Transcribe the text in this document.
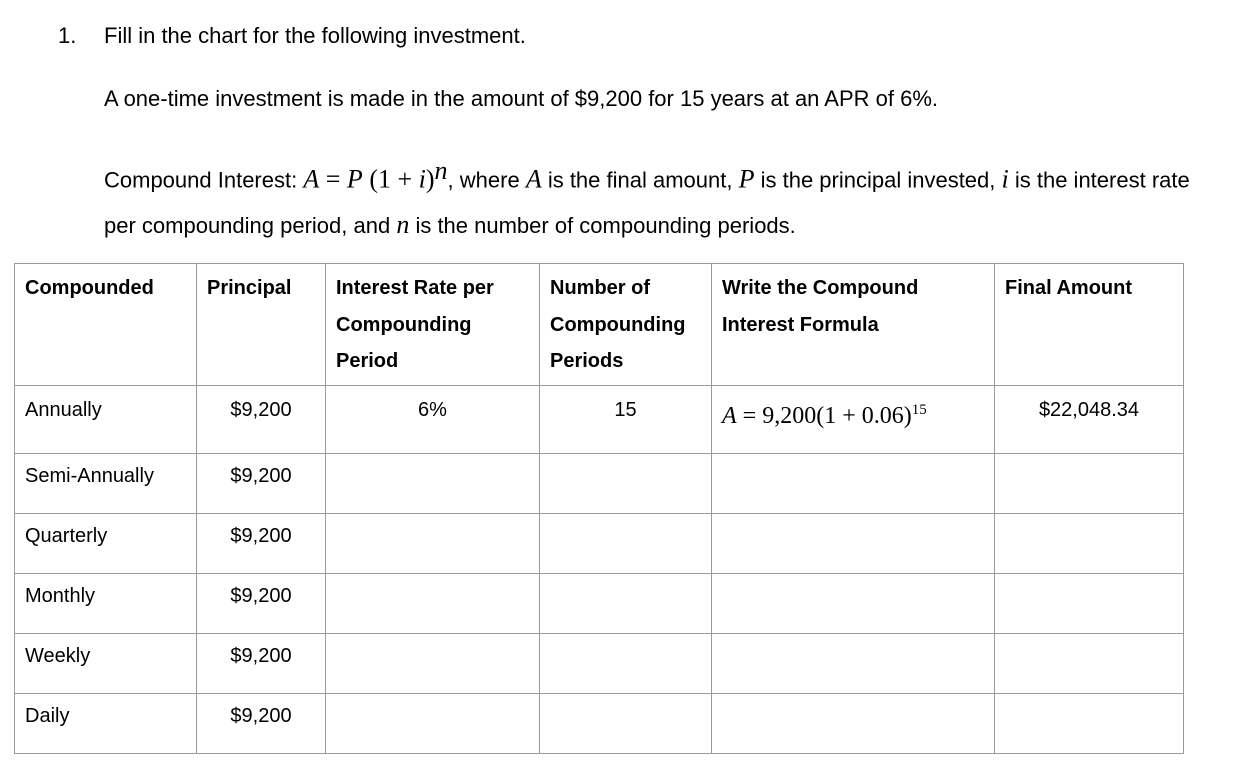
1. Fill in the chart for the following investment.
A one-time investment is made in the amount of $9,200 for 15 years at an APR of 6%.
Compound Interest: A = P $(1 + i)^n$, where A is the final amount, P is the principal invested, i is the interest rate per compounding period, and n is the number of compounding periods.
Compounded	Principal	Interest Rate per Compounding Period	Number of Compounding Periods	Write the Compound Interest Formula	Final Amount
Annually	$9,200	6%	15	$A = 9,200(1 + 0.06)^{15}$	$22,048.34
Semi-Annually	$9,200				
Quarterly	$9,200				
Monthly	$9,200				
Weekly	$9,200				
Daily	$9,200				
